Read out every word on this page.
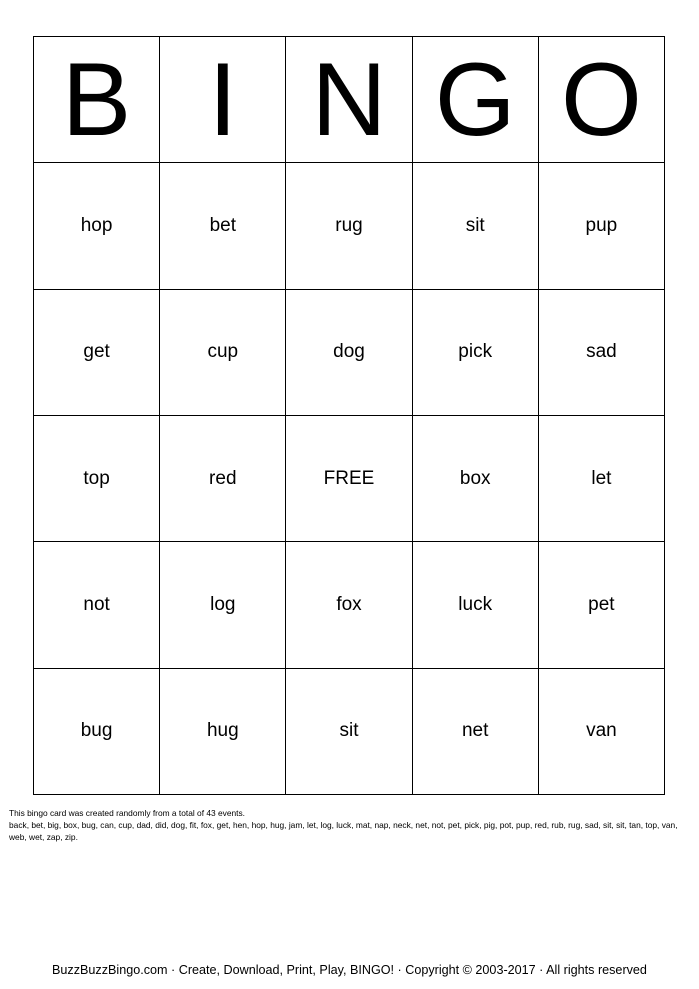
B I N G O
hop	bet	rug	sit	pup
get	cup	dog	pick	sad
top	red	FREE	box	let
not	log	fox	luck	pet
bug	hug	sit	net	van

This bingo card was created randomly from a total of 43 events.

back, bet, big, box, bug, can, cup, dad, did, dog, fit, fox, get, hen, hop, hug, jam, let, log, luck, mat, nap, neck, net, not, pet, pick, pig, pot, pup, red, rub, rug, sad, sit, sit, tan, top, van, web, wet, zap, zip.

BuzzBuzzBingo.com · Create, Download, Print, Play, BINGO! · Copyright © 2003-2017 · All rights reserved
